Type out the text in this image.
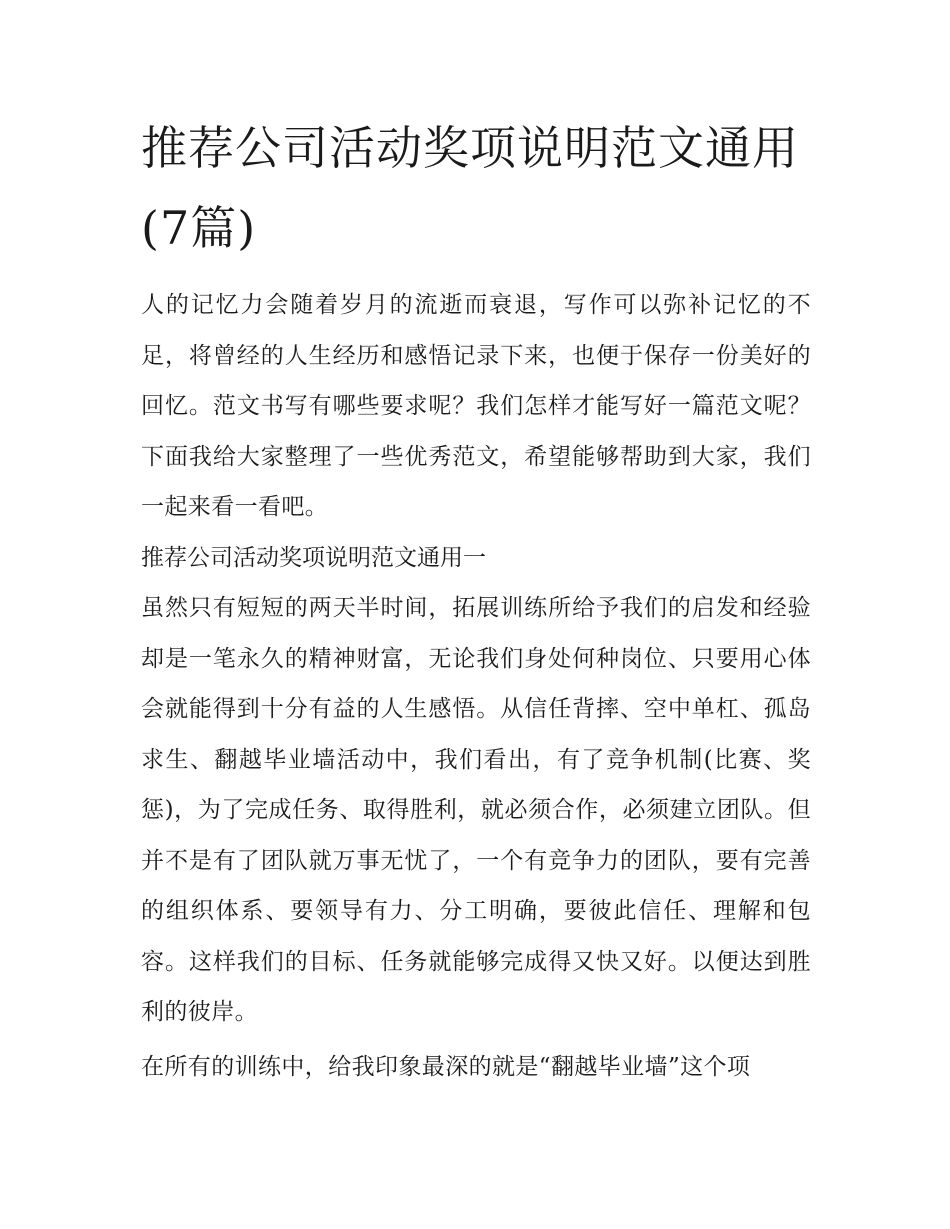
推荐公司活动奖项说明范文通用(7篇)

人的记忆力会随着岁月的流逝而衰退，写作可以弥补记忆的不足，将曾经的人生经历和感悟记录下来，也便于保存一份美好的回忆。范文书写有哪些要求呢？我们怎样才能写好一篇范文呢？下面我给大家整理了一些优秀范文，希望能够帮助到大家，我们一起来看一看吧。

推荐公司活动奖项说明范文通用一

虽然只有短短的两天半时间，拓展训练所给予我们的启发和经验却是一笔永久的精神财富，无论我们身处何种岗位、只要用心体会就能得到十分有益的人生感悟。从信任背摔、空中单杠、孤岛求生、翻越毕业墙活动中，我们看出，有了竞争机制(比赛、奖惩)，为了完成任务、取得胜利，就必须合作，必须建立团队。但并不是有了团队就万事无忧了，一个有竞争力的团队，要有完善的组织体系、要领导有力、分工明确，要彼此信任、理解和包容。这样我们的目标、任务就能够完成得又快又好。以便达到胜利的彼岸。

在所有的训练中，给我印象最深的就是“翻越毕业墙”这个项
